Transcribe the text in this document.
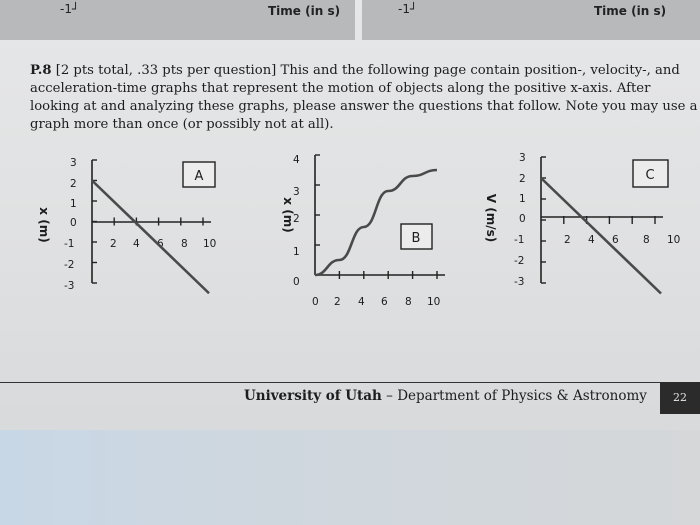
-1 ┘	Time (in s)	-1 ┘	Time (in s)
P.8 [2 pts total, .33 pts per question] This and the following page contain position-, velocity-, and acceleration-time graphs that represent the motion of objects along the positive x-axis. After looking at and analyzing these graphs, please answer the questions that follow. Note you may use a graph more than once (or possibly not at all).
x (m)
3
2
1
0
-1
-2
-3
2 4 6 8 10
A
x (m)
4
3
2
1
0
0 2 4 6 8 10
B	V (m/s)
3
2
1
0
-1
-2
-3
2 4 6 8 10
C
University of Utah – Department of Physics & Astronomy	22
